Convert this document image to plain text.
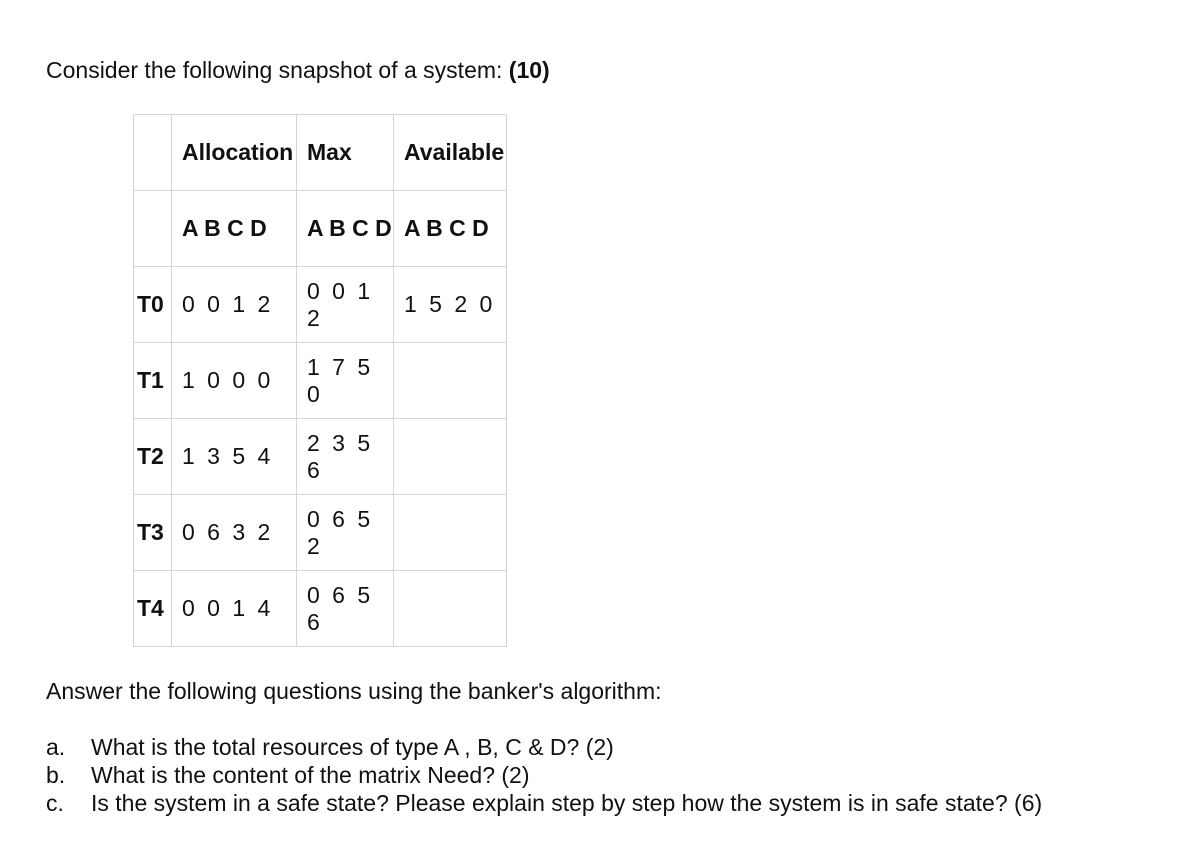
Consider the following snapshot of a system: (10)
	Allocation	Max	Available
	A B C D	A B C D	A B C D
T0	0 0 1 2	0 0 1 2	1 5 2 0
T1	1 0 0 0	1 7 5 0	
T2	1 3 5 4	2 3 5 6	
T3	0 6 3 2	0 6 5 2	
T4	0 0 1 4	0 6 5 6	
Answer the following questions using the banker's algorithm:
a.	What is the total resources of type A , B, C & D? (2)
b.	What is the content of the matrix Need? (2)
c.	Is the system in a safe state? Please explain step by step how the system is in safe state? (6)
